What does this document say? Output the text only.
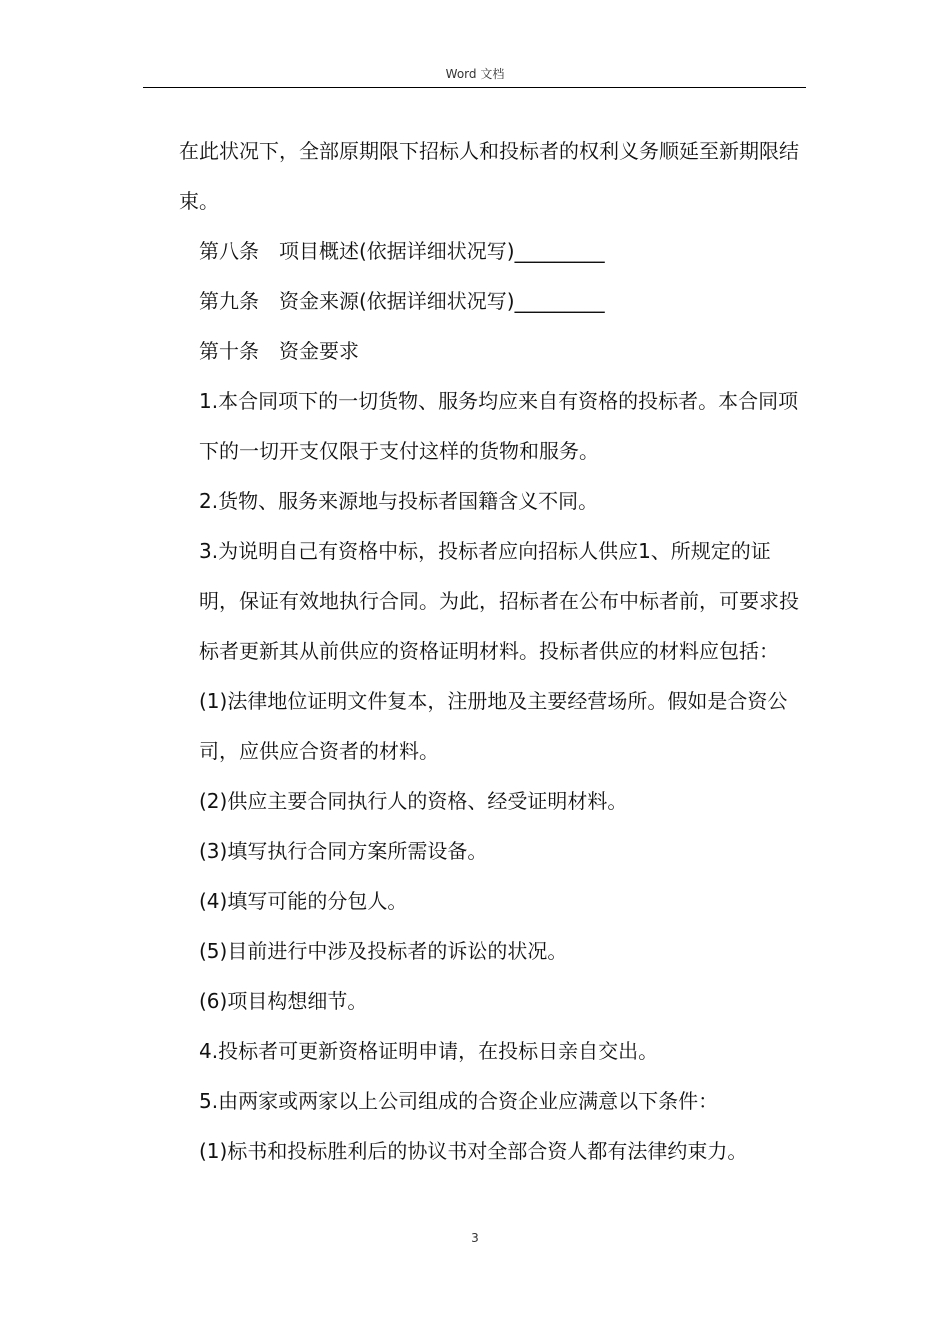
Word 文档

在此状况下，全部原期限下招标人和投标者的权利义务顺延至新期限结束。

第八条　项目概述(依据详细状况写)_________

第九条　资金来源(依据详细状况写)_________

第十条　资金要求

1.本合同项下的一切货物、服务均应来自有资格的投标者。本合同项下的一切开支仅限于支付这样的货物和服务。

2.货物、服务来源地与投标者国籍含义不同。

3.为说明自己有资格中标，投标者应向招标人供应1、所规定的证明，保证有效地执行合同。为此，招标者在公布中标者前，可要求投标者更新其从前供应的资格证明材料。投标者供应的材料应包括：

(1)法律地位证明文件复本，注册地及主要经营场所。假如是合资公司，应供应合资者的材料。

(2)供应主要合同执行人的资格、经受证明材料。

(3)填写执行合同方案所需设备。

(4)填写可能的分包人。

(5)目前进行中涉及投标者的诉讼的状况。

(6)项目构想细节。

4.投标者可更新资格证明申请，在投标日亲自交出。

5.由两家或两家以上公司组成的合资企业应满意以下条件：

(1)标书和投标胜利后的协议书对全部合资人都有法律约束力。

3
